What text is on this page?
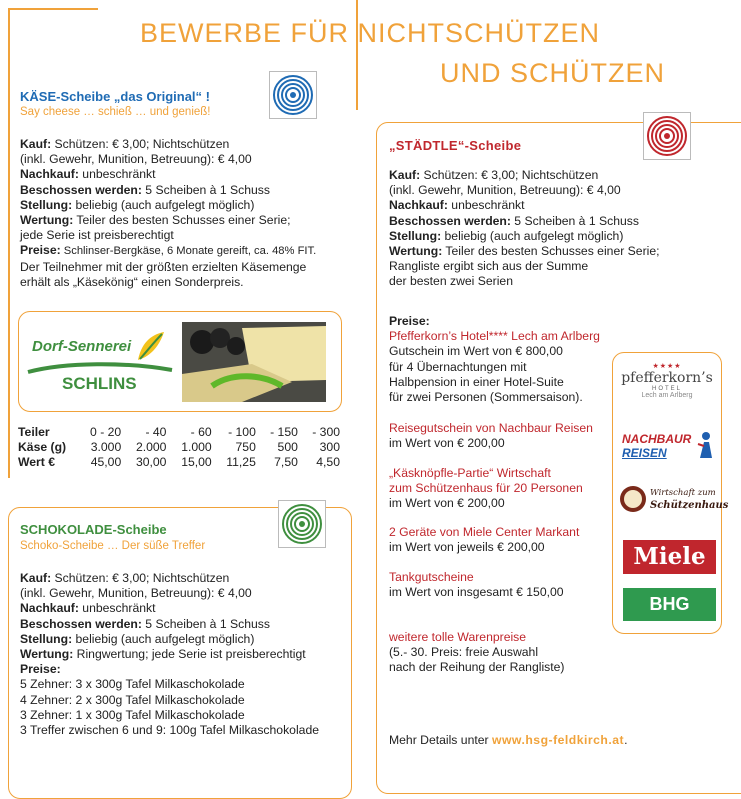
BEWERBE FÜR NICHTSCHÜTZEN
UND SCHÜTZEN
KÄSE-Scheibe „das Original“ !
Say cheese … schieß … und genieß!
Kauf: Schützen: € 3,00; Nichtschützen
(inkl. Gewehr, Munition, Betreuung): € 4,00
Nachkauf: unbeschränkt
Beschossen werden: 5 Scheiben à 1 Schuss
Stellung: beliebig (auch aufgelegt möglich)
Wertung: Teiler des besten Schusses einer Serie;
jede Serie ist preisberechtigt
Preise: Schlinser-Bergkäse, 6 Monate gereift, ca. 48% FIT.
Der Teilnehmer mit der größten erzielten Käsemenge
erhält als „Käsekönig“ einen Sonderpreis.
Dorf-Sennerei
SCHLINS
Teiler	0 - 20	- 40	- 60	- 100	- 150	- 300
Käse (g)	3.000	2.000	1.000	750	500	300
Wert €	45,00	30,00	15,00	11,25	7,50	4,50
SCHOKOLADE-Scheibe
Schoko-Scheibe … Der süße Treffer
Kauf: Schützen: € 3,00; Nichtschützen
(inkl. Gewehr, Munition, Betreuung): € 4,00
Nachkauf: unbeschränkt
Beschossen werden: 5 Scheiben à 1 Schuss
Stellung: beliebig (auch aufgelegt möglich)
Wertung: Ringwertung; jede Serie ist preisberechtigt
Preise:
5 Zehner: 3 x 300g Tafel Milkaschokolade
4 Zehner: 2 x 300g Tafel Milkaschokolade
3 Zehner: 1 x 300g Tafel Milkaschokolade
3 Treffer zwischen 6 und 9: 100g Tafel Milkaschokolade
„STÄDTLE“-Scheibe
Kauf: Schützen: € 3,00; Nichtschützen
(inkl. Gewehr, Munition, Betreuung): € 4,00
Nachkauf: unbeschränkt
Beschossen werden: 5 Scheiben à 1 Schuss
Stellung: beliebig (auch aufgelegt möglich)
Wertung: Teiler des besten Schusses einer Serie;
Rangliste ergibt sich aus der Summe
der besten zwei Serien
Preise:
Pfefferkorn’s Hotel**** Lech am Arlberg
Gutschein im Wert von € 800,00
für 4 Übernachtungen mit
Halbpension in einer Hotel-Suite
für zwei Personen (Sommersaison).
Reisegutschein von Nachbaur Reisen
im Wert von € 200,00
„Käsknöpfle-Partie“ Wirtschaft
zum Schützenhaus für 20 Personen
im Wert von € 200,00
2 Geräte von Miele Center Markant
im Wert von jeweils € 200,00
Tankgutscheine
im Wert von insgesamt € 150,00
weitere tolle Warenpreise
(5.- 30. Preis: freie Auswahl
nach der Reihung der Rangliste)
Mehr Details unter www.hsg-feldkirch.at.
★★★★
pfefferkorn’s
HOTEL
Lech am Arlberg
NACHBAUR
REISEN
Wirtschaft zum
Schützenhaus
Miele
BHG
